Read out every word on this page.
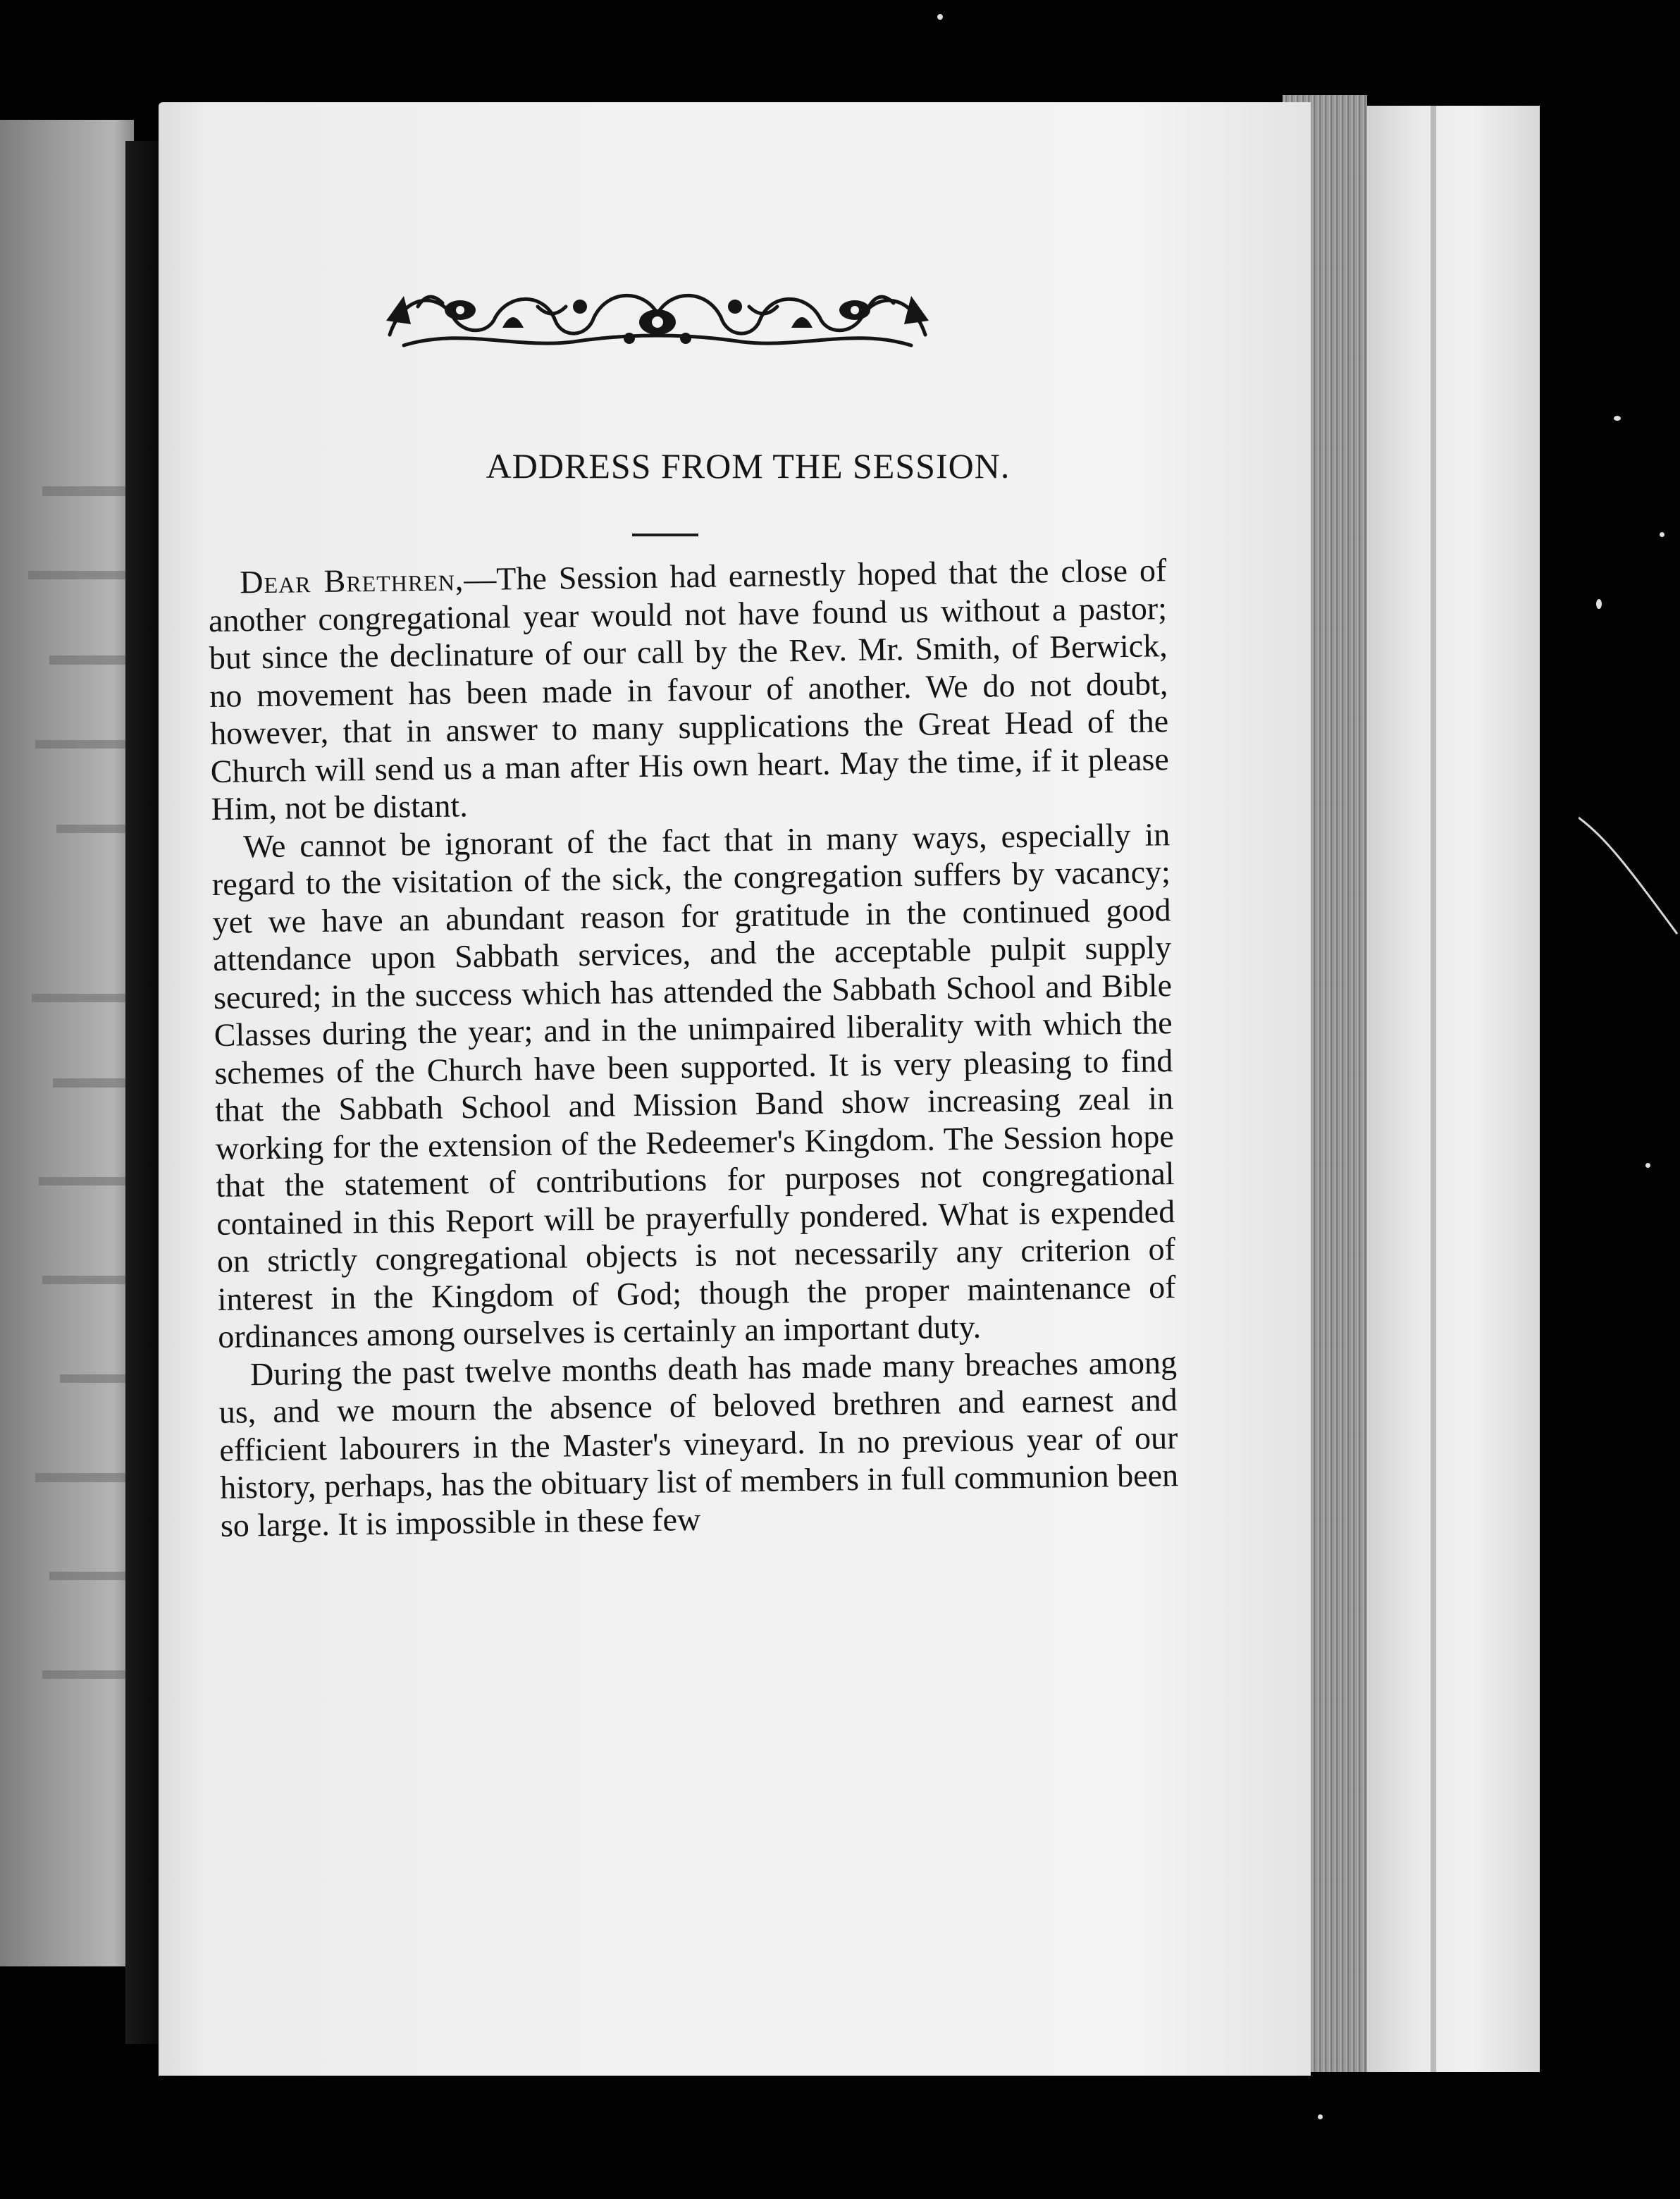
ADDRESS FROM THE SESSION.

Dear Brethren,—The Session had earnestly hoped that the close of another congregational year would not have found us without a pastor; but since the declinature of our call by the Rev. Mr. Smith, of Berwick, no movement has been made in favour of another. We do not doubt, however, that in answer to many supplications the Great Head of the Church will send us a man after His own heart. May the time, if it please Him, not be distant.

We cannot be ignorant of the fact that in many ways, especially in regard to the visitation of the sick, the congregation suffers by vacancy; yet we have an abundant reason for gratitude in the continued good attendance upon Sabbath services, and the acceptable pulpit supply secured; in the success which has attended the Sabbath School and Bible Classes during the year; and in the unimpaired liberality with which the schemes of the Church have been supported. It is very pleasing to find that the Sabbath School and Mission Band show increasing zeal in working for the extension of the Redeemer's Kingdom. The Session hope that the statement of contributions for purposes not congregational contained in this Report will be prayerfully pondered. What is expended on strictly congregational objects is not necessarily any criterion of interest in the Kingdom of God; though the proper maintenance of ordinances among ourselves is certainly an important duty.

During the past twelve months death has made many breaches among us, and we mourn the absence of beloved brethren and earnest and efficient labourers in the Master's vineyard. In no previous year of our history, perhaps, has the obituary list of members in full communion been so large. It is impossible in these few
